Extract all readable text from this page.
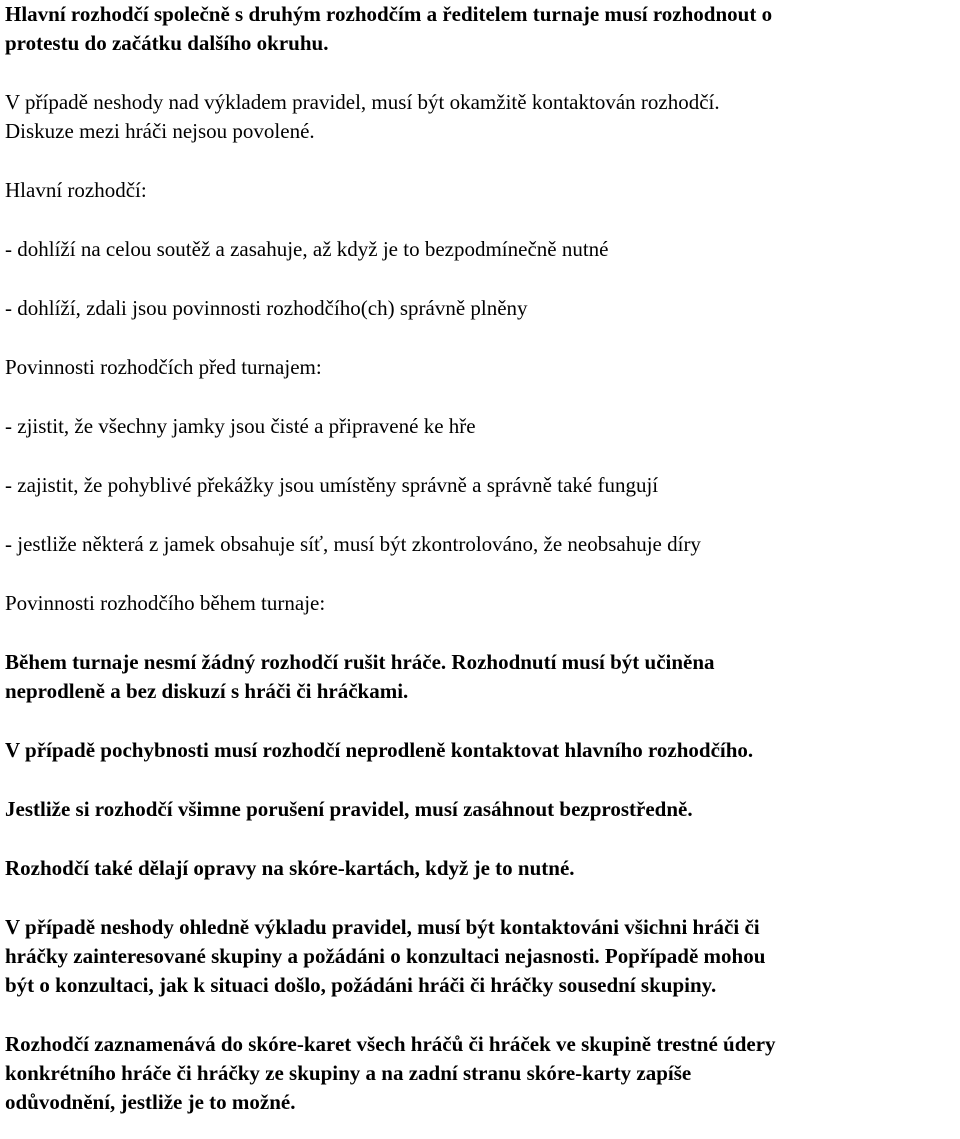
Hlavní rozhodčí společně s druhým rozhodčím a ředitelem turnaje musí rozhodnout o
protestu do začátku dalšího okruhu.
V případě neshody nad výkladem pravidel, musí být okamžitě kontaktován rozhodčí.
Diskuze mezi hráči nejsou povolené.
Hlavní rozhodčí:
- dohlíží na celou soutěž a zasahuje, až když je to bezpodmínečně nutné
- dohlíží, zdali jsou povinnosti rozhodčího(ch) správně plněny
Povinnosti rozhodčích před turnajem:
- zjistit, že všechny jamky jsou čisté a připravené ke hře
- zajistit, že pohyblivé překážky jsou umístěny správně a správně také fungují
- jestliže některá z jamek obsahuje síť, musí být zkontrolováno, že neobsahuje díry
Povinnosti rozhodčího během turnaje:
Během turnaje nesmí žádný rozhodčí rušit hráče. Rozhodnutí musí být učiněna
neprodleně a bez diskuzí s hráči či hráčkami.
V případě pochybnosti musí rozhodčí neprodleně kontaktovat hlavního rozhodčího.
Jestliže si rozhodčí všimne porušení pravidel, musí zasáhnout bezprostředně.
Rozhodčí také dělají opravy na skóre-kartách, když je to nutné.
V případě neshody ohledně výkladu pravidel, musí být kontaktováni všichni hráči či
hráčky zainteresované skupiny a požádáni o konzultaci nejasnosti. Popřípadě mohou
být o konzultaci, jak k situaci došlo, požádáni hráči či hráčky sousední skupiny.
Rozhodčí zaznamenává do skóre-karet všech hráčů či hráček ve skupině trestné údery
konkrétního hráče či hráčky ze skupiny a na zadní stranu skóre-karty zapíše
odůvodnění, jestliže je to možné.
